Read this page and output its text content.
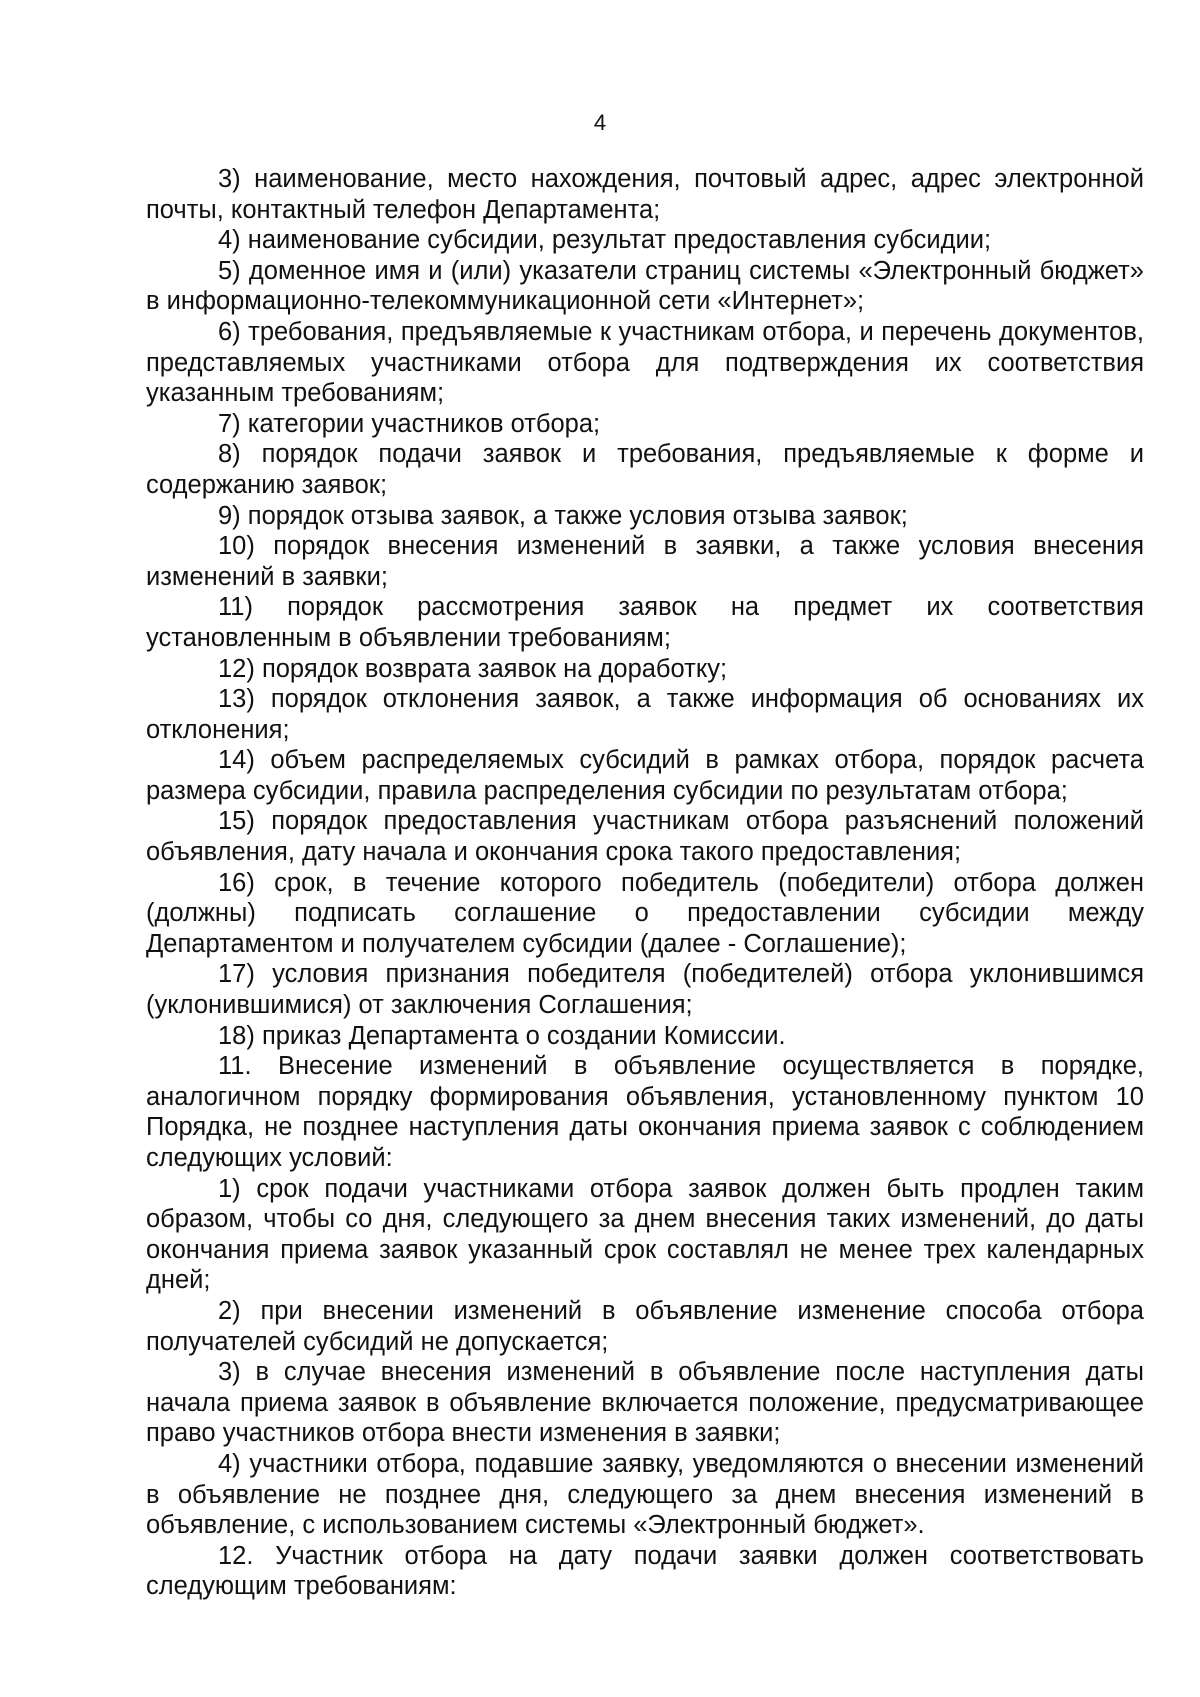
4

3) наименование, место нахождения, почтовый адрес, адрес электронной почты, контактный телефон Департамента;

4) наименование субсидии, результат предоставления субсидии;

5) доменное имя и (или) указатели страниц системы «Электронный бюджет» в информационно-телекоммуникационной сети «Интернет»;

6) требования, предъявляемые к участникам отбора, и перечень документов, представляемых участниками отбора для подтверждения их соответствия указанным требованиям;

7) категории участников отбора;

8) порядок подачи заявок и требования, предъявляемые к форме и содержанию заявок;

9) порядок отзыва заявок, а также условия отзыва заявок;

10) порядок внесения изменений в заявки, а также условия внесения изменений в заявки;

11) порядок рассмотрения заявок на предмет их соответствия установленным в объявлении требованиям;

12) порядок возврата заявок на доработку;

13) порядок отклонения заявок, а также информация об основаниях их отклонения;

14) объем распределяемых субсидий в рамках отбора, порядок расчета размера субсидии, правила распределения субсидии по результатам отбора;

15) порядок предоставления участникам отбора разъяснений положений объявления, дату начала и окончания срока такого предоставления;

16) срок, в течение которого победитель (победители) отбора должен (должны) подписать соглашение о предоставлении субсидии между Департаментом и получателем субсидии (далее - Соглашение);

17) условия признания победителя (победителей) отбора уклонившимся (уклонившимися) от заключения Соглашения;

18) приказ Департамента о создании Комиссии.

11. Внесение изменений в объявление осуществляется в порядке, аналогичном порядку формирования объявления, установленному пунктом 10 Порядка, не позднее наступления даты окончания приема заявок с соблюдением следующих условий:

1) срок подачи участниками отбора заявок должен быть продлен таким образом, чтобы со дня, следующего за днем внесения таких изменений, до даты окончания приема заявок указанный срок составлял не менее трех календарных дней;

2) при внесении изменений в объявление изменение способа отбора получателей субсидий не допускается;

3) в случае внесения изменений в объявление после наступления даты начала приема заявок в объявление включается положение, предусматривающее право участников отбора внести изменения в заявки;

4) участники отбора, подавшие заявку, уведомляются о внесении изменений в объявление не позднее дня, следующего за днем внесения изменений в объявление, с использованием системы «Электронный бюджет».

12. Участник отбора на дату подачи заявки должен соответствовать следующим требованиям:
